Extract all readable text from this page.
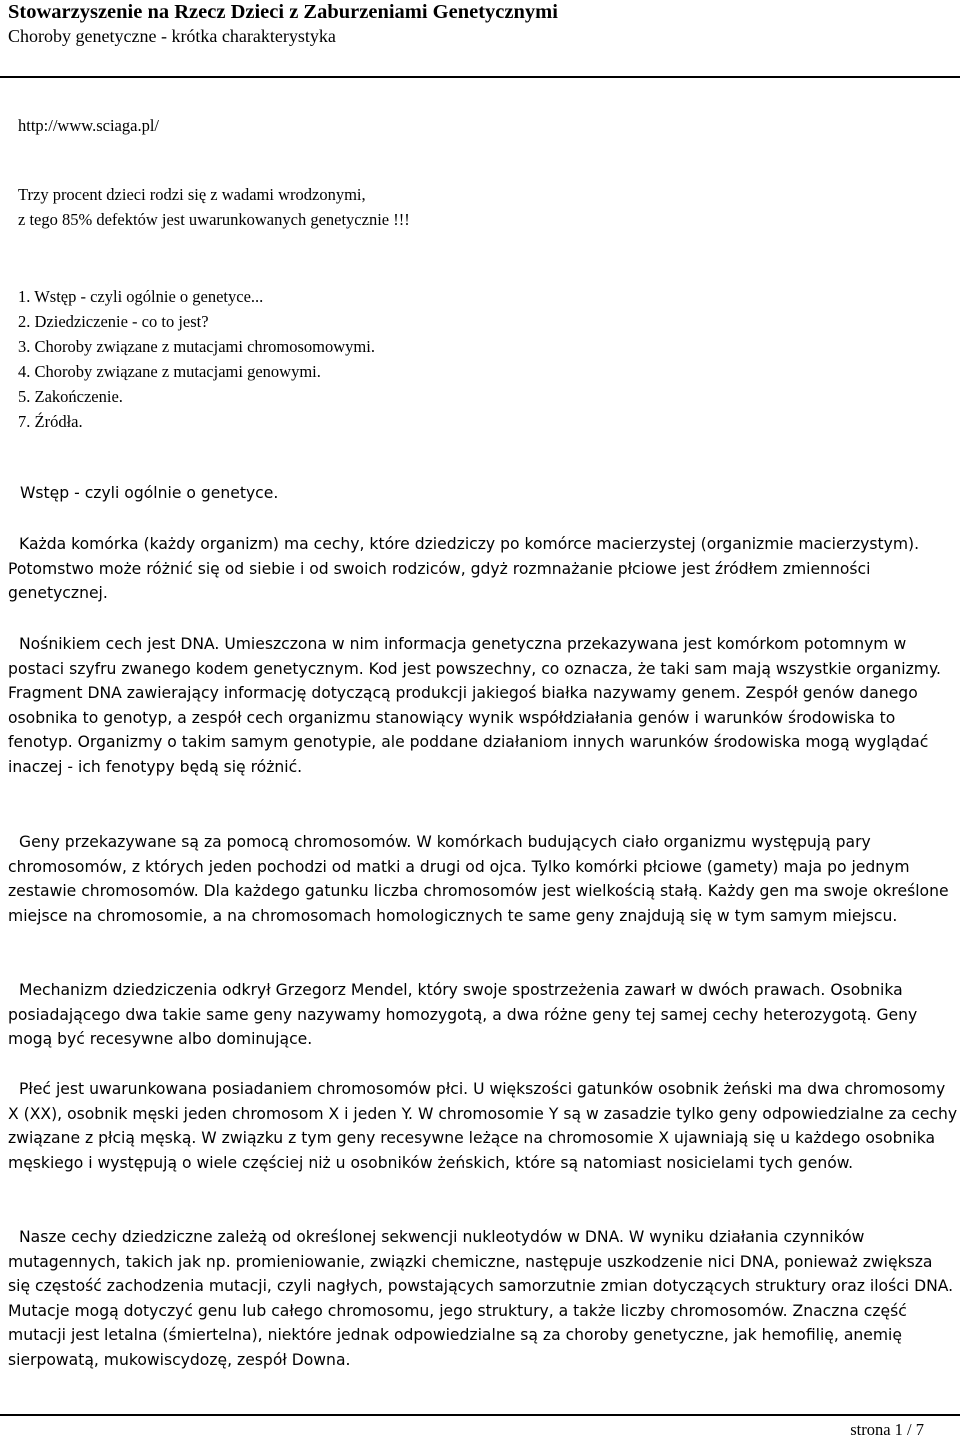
Stowarzyszenie na Rzecz Dzieci z Zaburzeniami Genetycznymi
Choroby genetyczne - krótka charakterystyka
http://www.sciaga.pl/
Trzy procent dzieci rodzi się z wadami wrodzonymi,
z tego 85% defektów jest uwarunkowanych genetycznie !!!
1. Wstęp - czyli ogólnie o genetyce...
2. Dziedziczenie - co to jest?
3. Choroby związane z mutacjami chromosomowymi.
4. Choroby związane z mutacjami genowymi.
5. Zakończenie.
7. Źródła.
Wstęp - czyli ogólnie o genetyce.

Każda komórka (każdy organizm) ma cechy, które dziedziczy po komórce macierzystej (organizmie macierzystym). Potomstwo może różnić się od siebie i od swoich rodziców, gdyż rozmnażanie płciowe jest źródłem zmienności genetycznej.

Nośnikiem cech jest DNA. Umieszczona w nim informacja genetyczna przekazywana jest komórkom potomnym w postaci szyfru zwanego kodem genetycznym. Kod jest powszechny, co oznacza, że taki sam mają wszystkie organizmy. Fragment DNA zawierający informację dotyczącą produkcji jakiegoś białka nazywamy genem. Zespół genów danego osobnika to genotyp, a zespół cech organizmu stanowiący wynik współdziałania genów i warunków środowiska to fenotyp. Organizmy o takim samym genotypie, ale poddane działaniom innych warunków środowiska mogą wyglądać inaczej - ich fenotypy będą się różnić.

Geny przekazywane są za pomocą chromosomów. W komórkach budujących ciało organizmu występują pary chromosomów, z których jeden pochodzi od matki a drugi od ojca. Tylko komórki płciowe (gamety) maja po jednym zestawie chromosomów. Dla każdego gatunku liczba chromosomów jest wielkością stałą. Każdy gen ma swoje określone miejsce na chromosomie, a na chromosomach homologicznych te same geny znajdują się w tym samym miejscu.

Mechanizm dziedziczenia odkrył Grzegorz Mendel, który swoje spostrzeżenia zawarł w dwóch prawach. Osobnika posiadającego dwa takie same geny nazywamy homozygotą, a dwa różne geny tej samej cechy heterozygotą. Geny mogą być recesywne albo dominujące.

Płeć jest uwarunkowana posiadaniem chromosomów płci. U większości gatunków osobnik żeński ma dwa chromosomy X (XX), osobnik męski jeden chromosom X i jeden Y. W chromosomie Y są w zasadzie tylko geny odpowiedzialne za cechy związane z płcią męską. W związku z tym geny recesywne leżące na chromosomie X ujawniają się u każdego osobnika męskiego i występują o wiele częściej niż u osobników żeńskich, które są natomiast nosicielami tych genów.

Nasze cechy dziedziczne zależą od określonej sekwencji nukleotydów w DNA. W wyniku działania czynników mutagennych, takich jak np. promieniowanie, związki chemiczne, następuje uszkodzenie nici DNA, ponieważ zwiększa się częstość zachodzenia mutacji, czyli nagłych, powstających samorzutnie zmian dotyczących struktury oraz ilości DNA. Mutacje mogą dotyczyć genu lub całego chromosomu, jego struktury, a także liczby chromosomów. Znaczna część mutacji jest letalna (śmiertelna), niektóre jednak odpowiedzialne są za choroby genetyczne, jak hemofilię, anemię sierpowatą, mukowiscydozę, zespół Downa.

strona 1 / 7
